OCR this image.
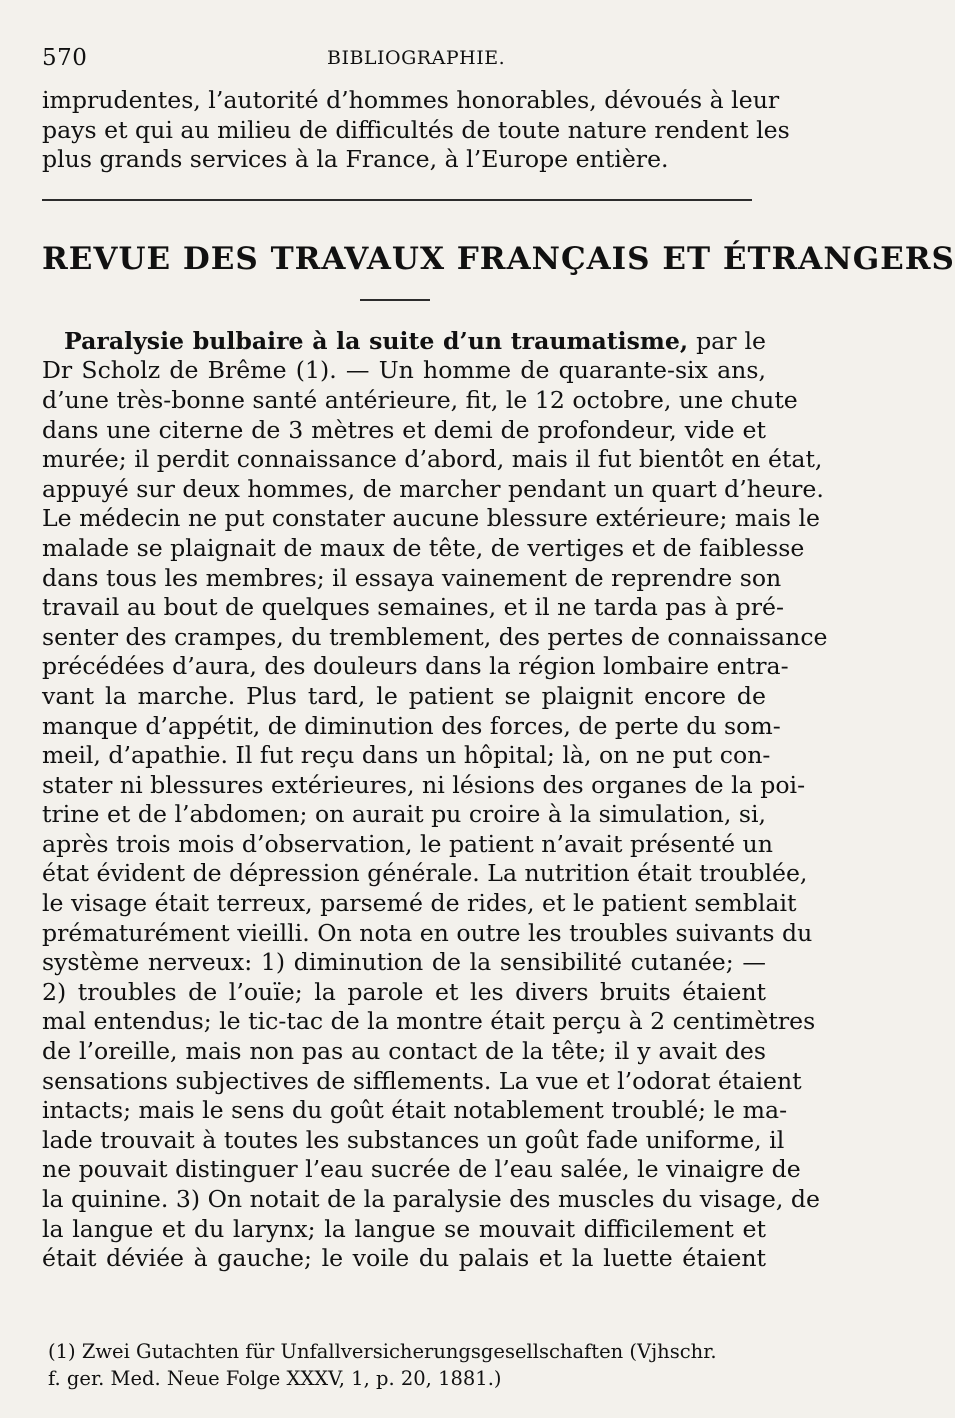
570	BIBLIOGRAPHIE.
imprudentes, l’autorité d’hommes honorables, dévoués à leur
pays et qui au milieu de difficultés de toute nature rendent les
plus grands services à la France, à l’Europe entière.
REVUE DES TRAVAUX FRANÇAIS ET ÉTRANGERS
Paralysie bulbaire à la suite d’un traumatisme, par le
Dr Scholz de Brême (1). — Un homme de quarante-six ans,
d’une très-bonne santé antérieure, fit, le 12 octobre, une chute
dans une citerne de 3 mètres et demi de profondeur, vide et
murée; il perdit connaissance d’abord, mais il fut bientôt en état,
appuyé sur deux hommes, de marcher pendant un quart d’heure.
Le médecin ne put constater aucune blessure extérieure; mais le
malade se plaignait de maux de tête, de vertiges et de faiblesse
dans tous les membres; il essaya vainement de reprendre son
travail au bout de quelques semaines, et il ne tarda pas à pré-
senter des crampes, du tremblement, des pertes de connaissance
précédées d’aura, des douleurs dans la région lombaire entra-
vant la marche. Plus tard, le patient se plaignit encore de
manque d’appétit, de diminution des forces, de perte du som-
meil, d’apathie. Il fut reçu dans un hôpital; là, on ne put con-
stater ni blessures extérieures, ni lésions des organes de la poi-
trine et de l’abdomen; on aurait pu croire à la simulation, si,
après trois mois d’observation, le patient n’avait présenté un
état évident de dépression générale. La nutrition était troublée,
le visage était terreux, parsemé de rides, et le patient semblait
prématurément vieilli. On nota en outre les troubles suivants du
système nerveux: 1) diminution de la sensibilité cutanée; —
2) troubles de l’ouïe; la parole et les divers bruits étaient
mal entendus; le tic-tac de la montre était perçu à 2 centimètres
de l’oreille, mais non pas au contact de la tête; il y avait des
sensations subjectives de sifflements. La vue et l’odorat étaient
intacts; mais le sens du goût était notablement troublé; le ma-
lade trouvait à toutes les substances un goût fade uniforme, il
ne pouvait distinguer l’eau sucrée de l’eau salée, le vinaigre de
la quinine. 3) On notait de la paralysie des muscles du visage, de
la langue et du larynx; la langue se mouvait difficilement et
était déviée à gauche; le voile du palais et la luette étaient
(1) Zwei Gutachten für Unfallversicherungsgesellschaften (Vjhschr.
f. ger. Med. Neue Folge XXXV, 1, p. 20, 1881.)
